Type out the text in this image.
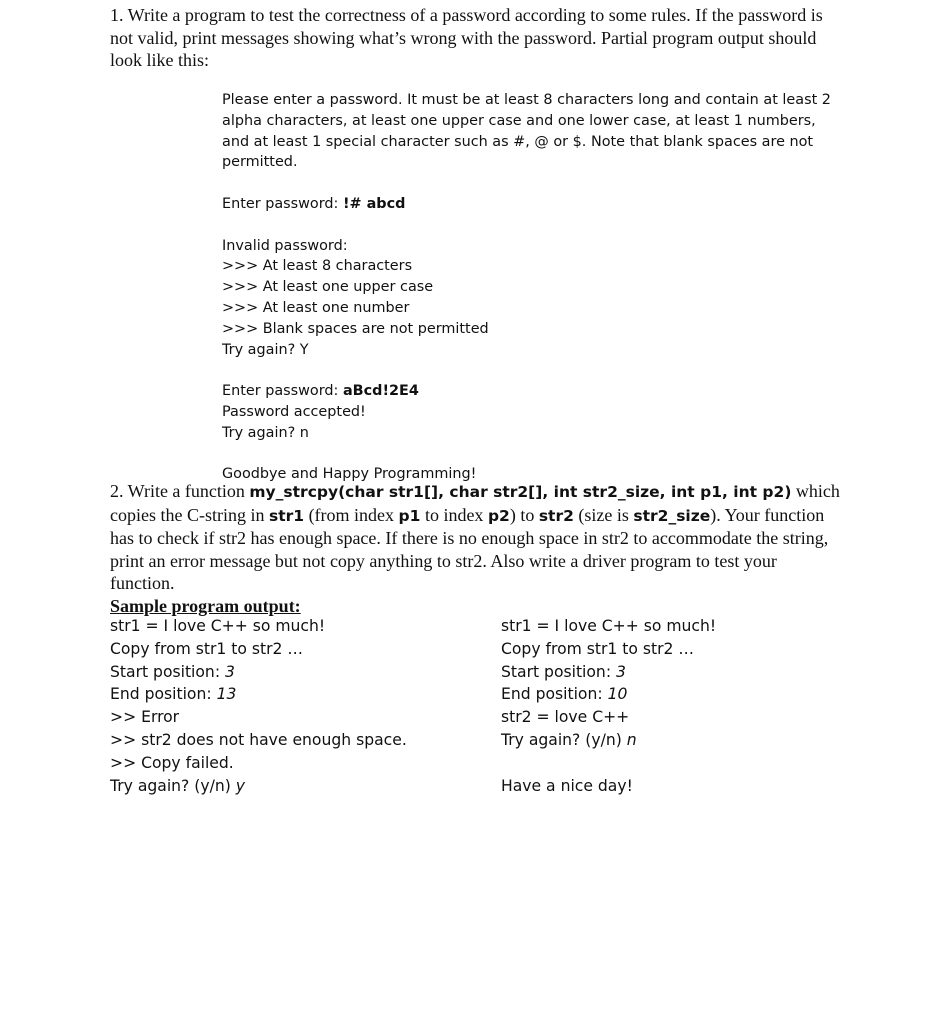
1. Write a program to test the correctness of a password according to some rules. If the password is not valid, print messages showing what’s wrong with the password. Partial program output should look like this:
Please enter a password. It must be at least 8 characters long and contain at least 2 alpha characters, at least one upper case and one lower case, at least 1 numbers, and at least 1 special character such as #, @ or $. Note that blank spaces are not permitted.
Enter password: !# abcd
Invalid password:
>>> At least 8 characters
>>> At least one upper case
>>> At least one number
>>> Blank spaces are not permitted
Try again? Y
Enter password: aBcd!2E4
Password accepted!
Try again? n
Goodbye and Happy Programming!
2. Write a function my_strcpy(char str1[], char str2[], int str2_size, int p1, int p2) which copies the C-string in str1 (from index p1 to index p2) to str2 (size is str2_size). Your function has to check if str2 has enough space. If there is no enough space in str2 to accommodate the string, print an error message but not copy anything to str2. Also write a driver program to test your function.
Sample program output:
str1 = I love C++ so much!
Copy from str1 to str2 …
Start position: 3
End position: 13
>> Error
>> str2 does not have enough space.
>> Copy failed.
Try again? (y/n) y
str1 = I love C++ so much!
Copy from str1 to str2 …
Start position: 3
End position: 10
str2 = love C++
Try again? (y/n) n
Have a nice day!
